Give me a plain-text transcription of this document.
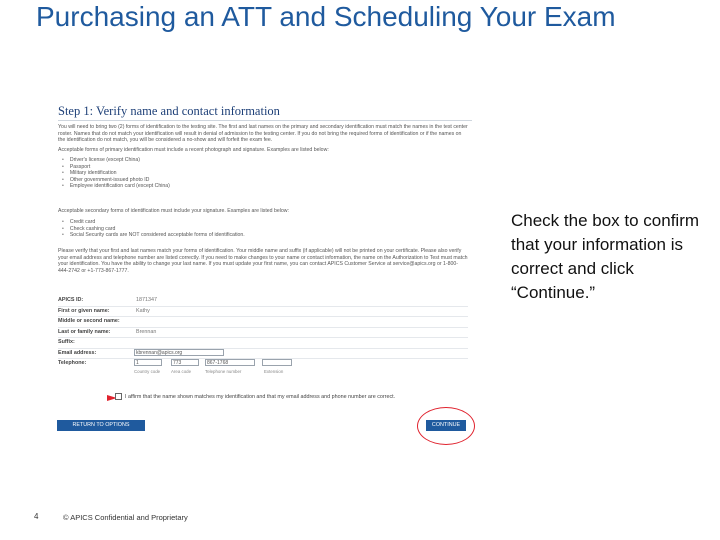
Purchasing an ATT and Scheduling Your Exam
Step 1: Verify name and contact information
You will need to bring two (2) forms of identification to the testing site. The first and last names on the primary and secondary identification must match the names in the test center roster. Names that do not match your identification will result in denial of admission to the testing center. If you do not bring the required forms of identification or if the names on the identification do not match, you will be considered a no-show and will forfeit the exam fee.
Acceptable forms of primary identification must include a recent photograph and signature. Examples are listed below:
• Driver's license (except China)
• Passport
• Military identification
• Other government-issued photo ID
• Employee identification card (except China)
Acceptable secondary forms of identification must include your signature. Examples are listed below:
• Credit card
• Check cashing card
• Social Security cards are NOT considered acceptable forms of identification.
Please verify that your first and last names match your forms of identification. Your middle name and suffix (if applicable) will not be printed on your certificate. Please also verify your email address and telephone number are listed correctly. If you need to make changes to your name or contact information, the name on the Authorization to Test must match your identification. You have the ability to change your last name. If you must update your first name, you can contact APICS Customer Service at service@apics.org or 1-800-444-2742 or +1-773-867-1777.
APICS ID:	1871347
First or given name:	Kathy
Middle or second name:
Last or family name:	Brennan
Suffix:
Email address:	kbrennan@apics.org
Telephone:	1	773	867-1768
Country code Area code	Telephone number	Extension
I affirm that the name shown matches my identification and that my email address and phone number are correct.
RETURN TO OPTIONS	CONTINUE
Check the box to confirm that your information is correct and click “Continue.”
4	© APICS Confidential and Proprietary
